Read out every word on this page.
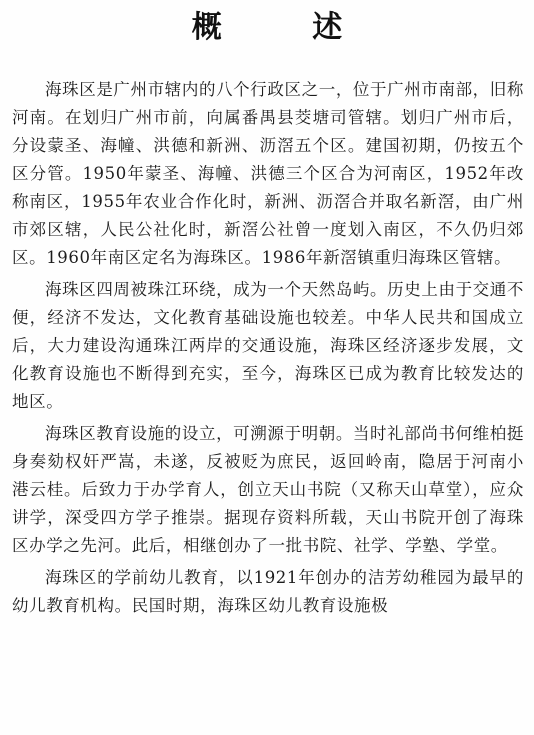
概 述

海珠区是广州市辖内的八个行政区之一，位于广州市南部，旧称河南。在划归广州市前，向属番禺县茭塘司管辖。划归广州市后，分设蒙圣、海幢、洪德和新洲、沥滘五个区。建国初期，仍按五个区分管。1950年蒙圣、海幢、洪德三个区合为河南区，1952年改称南区，1955年农业合作化时，新洲、沥滘合并取名新滘，由广州市郊区辖，人民公社化时，新滘公社曾一度划入南区，不久仍归郊区。1960年南区定名为海珠区。1986年新滘镇重归海珠区管辖。

海珠区四周被珠江环绕，成为一个天然岛屿。历史上由于交通不便，经济不发达，文化教育基础设施也较差。中华人民共和国成立后，大力建设沟通珠江两岸的交通设施，海珠区经济逐步发展，文化教育设施也不断得到充实，至今，海珠区已成为教育比较发达的地区。

海珠区教育设施的设立，可溯源于明朝。当时礼部尚书何维柏挺身奏劾权奸严嵩，未遂，反被贬为庶民，返回岭南，隐居于河南小港云桂。后致力于办学育人，创立天山书院（又称天山草堂），应众讲学，深受四方学子推崇。据现存资料所载，天山书院开创了海珠区办学之先河。此后，相继创办了一批书院、社学、学塾、学堂。

海珠区的学前幼儿教育，以1921年创办的洁芳幼稚园为最早的幼儿教育机构。民国时期，海珠区幼儿教育设施极
